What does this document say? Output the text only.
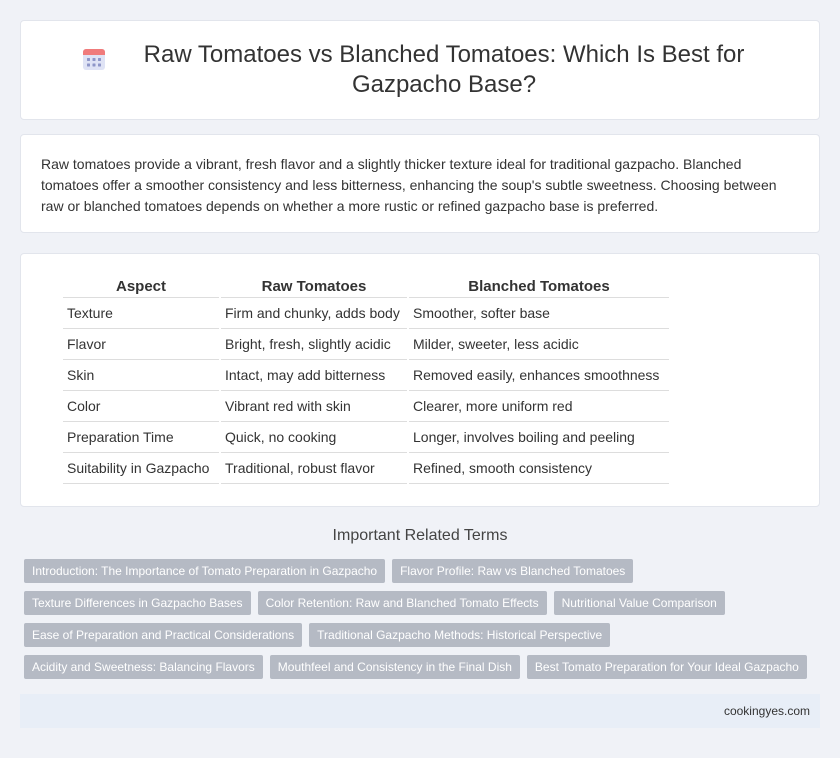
Raw Tomatoes vs Blanched Tomatoes: Which Is Best for Gazpacho Base?

Raw tomatoes provide a vibrant, fresh flavor and a slightly thicker texture ideal for traditional gazpacho. Blanched tomatoes offer a smoother consistency and less bitterness, enhancing the soup's subtle sweetness. Choosing between raw or blanched tomatoes depends on whether a more rustic or refined gazpacho base is preferred.

Aspect	Raw Tomatoes	Blanched Tomatoes
Texture	Firm and chunky, adds body	Smoother, softer base
Flavor	Bright, fresh, slightly acidic	Milder, sweeter, less acidic
Skin	Intact, may add bitterness	Removed easily, enhances smoothness
Color	Vibrant red with skin	Clearer, more uniform red
Preparation Time	Quick, no cooking	Longer, involves boiling and peeling
Suitability in Gazpacho	Traditional, robust flavor	Refined, smooth consistency
Important Related Terms
Introduction: The Importance of Tomato Preparation in Gazpacho	Flavor Profile: Raw vs Blanched Tomatoes
Texture Differences in Gazpacho Bases	Color Retention: Raw and Blanched Tomato Effects	Nutritional Value Comparison
Ease of Preparation and Practical Considerations	Traditional Gazpacho Methods: Historical Perspective
Acidity and Sweetness: Balancing Flavors	Mouthfeel and Consistency in the Final Dish	Best Tomato Preparation for Your Ideal Gazpacho
cookingyes.com
